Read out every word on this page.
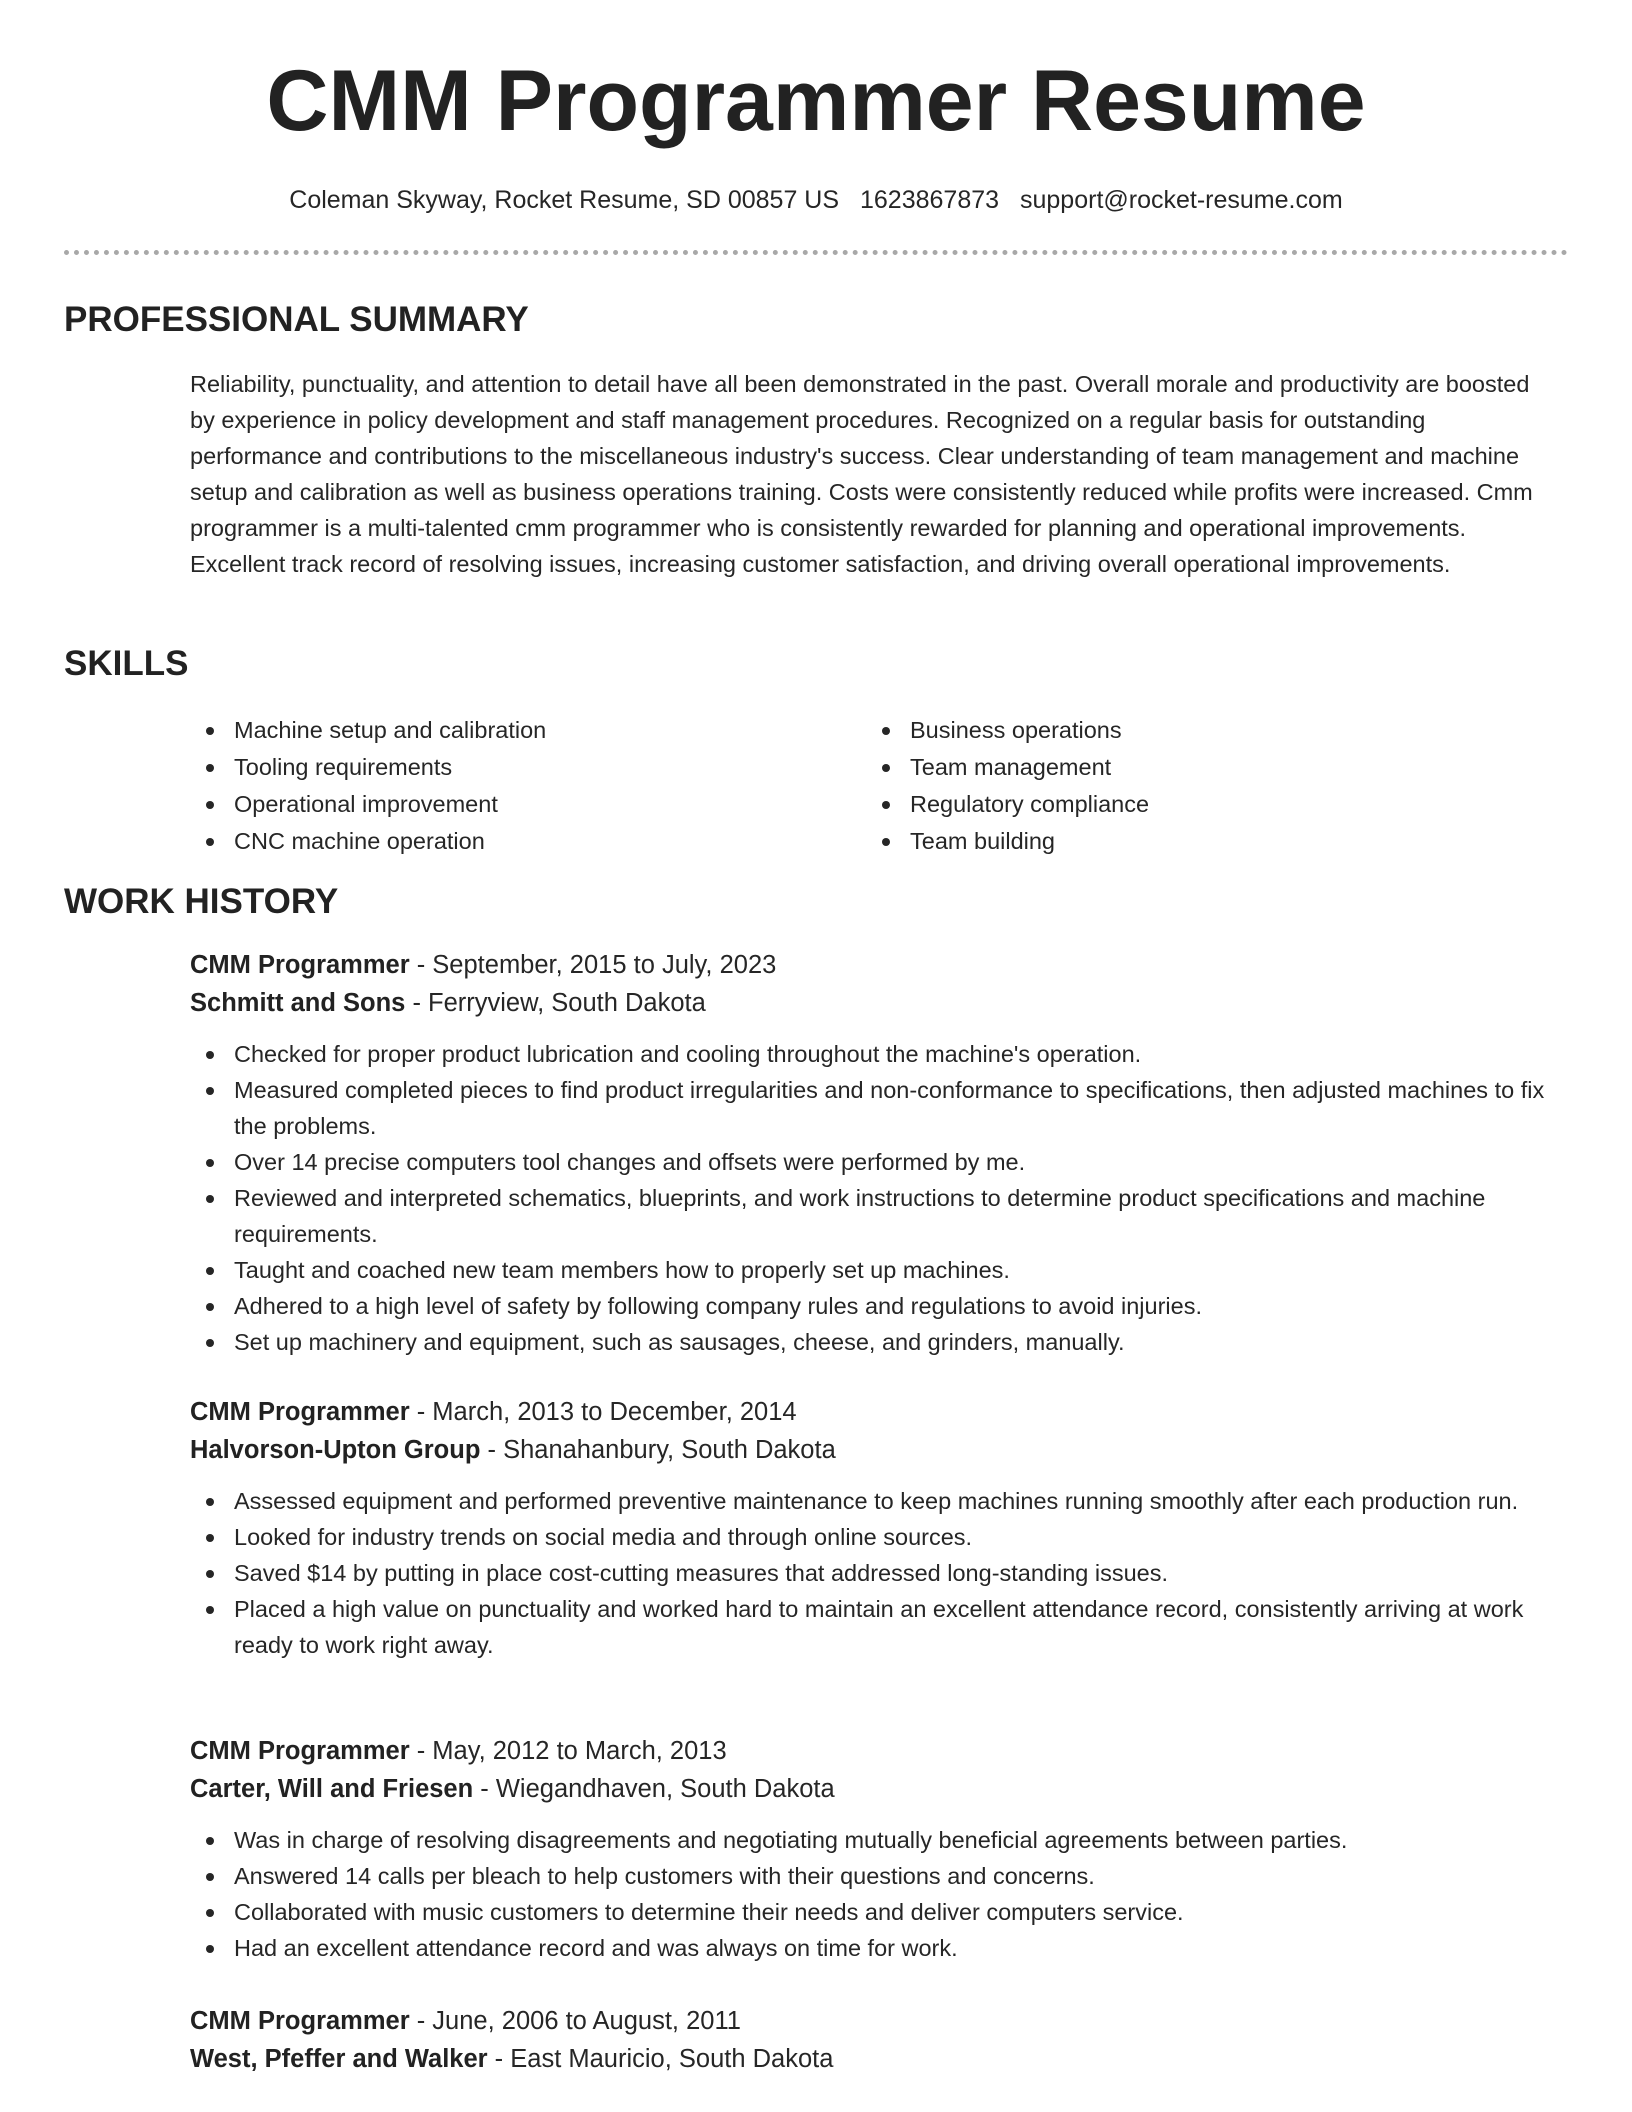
CMM Programmer Resume
Coleman Skyway, Rocket Resume, SD 00857 US 1623867873 support@rocket-resume.com
PROFESSIONAL SUMMARY

Reliability, punctuality, and attention to detail have all been demonstrated in the past. Overall morale and productivity are boosted by experience in policy development and staff management procedures. Recognized on a regular basis for outstanding performance and contributions to the miscellaneous industry's success. Clear understanding of team management and machine setup and calibration as well as business operations training. Costs were consistently reduced while profits were increased. Cmm programmer is a multi-talented cmm programmer who is consistently rewarded for planning and operational improvements. Excellent track record of resolving issues, increasing customer satisfaction, and driving overall operational improvements.

SKILLS
Machine setup and calibration
Tooling requirements
Operational improvement
CNC machine operation
Business operations
Team management
Regulatory compliance
Team building
WORK HISTORY
CMM Programmer - September, 2015 to July, 2023
Schmitt and Sons - Ferryview, South Dakota
Checked for proper product lubrication and cooling throughout the machine's operation.
Measured completed pieces to find product irregularities and non-conformance to specifications, then adjusted machines to fix the problems.
Over 14 precise computers tool changes and offsets were performed by me.
Reviewed and interpreted schematics, blueprints, and work instructions to determine product specifications and machine requirements.
Taught and coached new team members how to properly set up machines.
Adhered to a high level of safety by following company rules and regulations to avoid injuries.
Set up machinery and equipment, such as sausages, cheese, and grinders, manually.
CMM Programmer - March, 2013 to December, 2014
Halvorson-Upton Group - Shanahanbury, South Dakota
Assessed equipment and performed preventive maintenance to keep machines running smoothly after each production run.
Looked for industry trends on social media and through online sources.
Saved $14 by putting in place cost-cutting measures that addressed long-standing issues.
Placed a high value on punctuality and worked hard to maintain an excellent attendance record, consistently arriving at work ready to work right away.
CMM Programmer - May, 2012 to March, 2013
Carter, Will and Friesen - Wiegandhaven, South Dakota
Was in charge of resolving disagreements and negotiating mutually beneficial agreements between parties.
Answered 14 calls per bleach to help customers with their questions and concerns.
Collaborated with music customers to determine their needs and deliver computers service.
Had an excellent attendance record and was always on time for work.
CMM Programmer - June, 2006 to August, 2011
West, Pfeffer and Walker - East Mauricio, South Dakota
